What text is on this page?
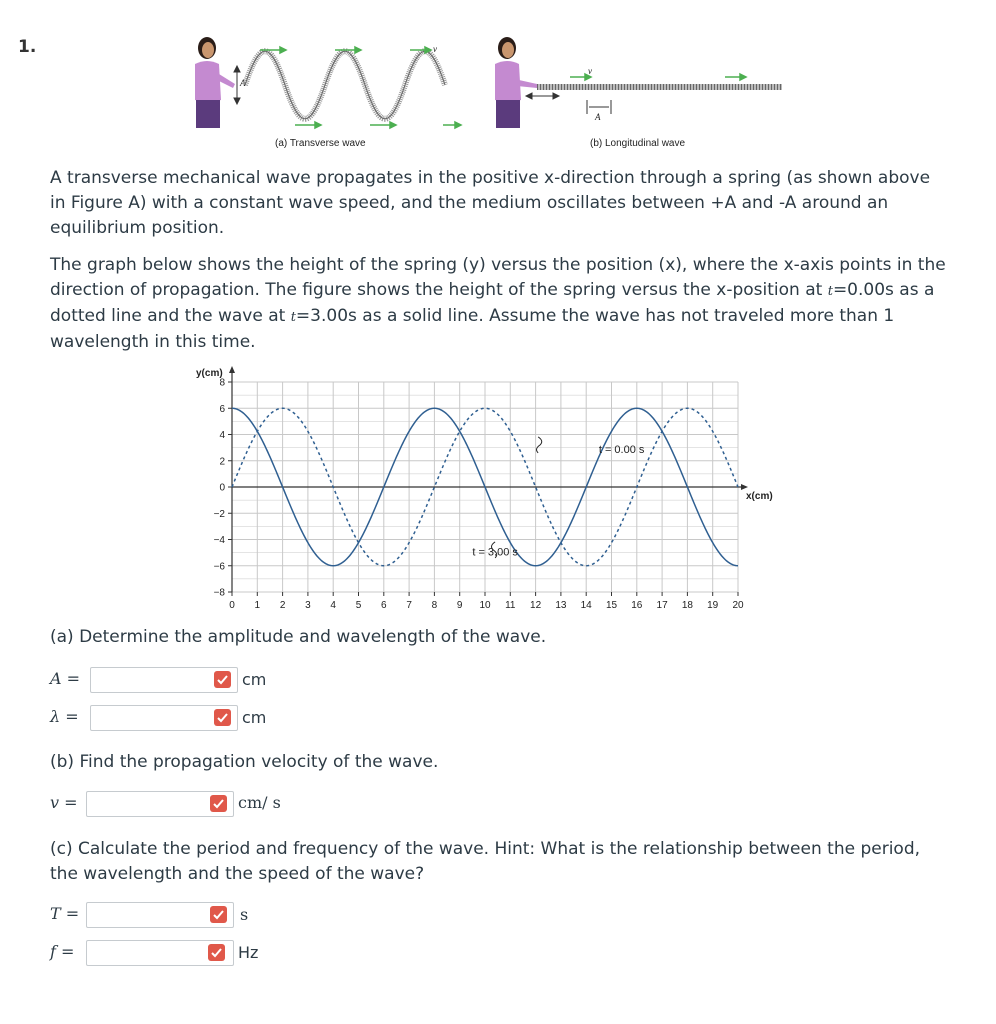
1.
A
v
A
v
(a) Transverse wave	(b) Longitudinal wave
A transverse mechanical wave propagates in the positive x-direction through a spring (as shown above in Figure A) with a constant wave speed, and the medium oscillates between +A and -A around an equilibrium position.
The graph below shows the height of the spring (y) versus the position (x), where the x-axis points in the direction of propagation. The figure shows the height of the spring versus the x-position at t=0.00s as a dotted line and the wave at t=3.00s as a solid line. Assume the wave has not traveled more than 1 wavelength in this time.
0 1 2 3 4 5 6 7 8 9 10 11 12 13 14 15 16 17 18 19 20
8
6
4
2
0
−2
−4
−6
−8
y(cm)
x(cm)
t = 0.00 s
t = 3.00 s
(a) Determine the amplitude and wavelength of the wave.
A =	cm
λ =	cm
(b) Find the propagation velocity of the wave.
v =	cm/ s
(c) Calculate the period and frequency of the wave. Hint: What is the relationship between the period, the wavelength and the speed of the wave?
T =	s
f =	Hz
